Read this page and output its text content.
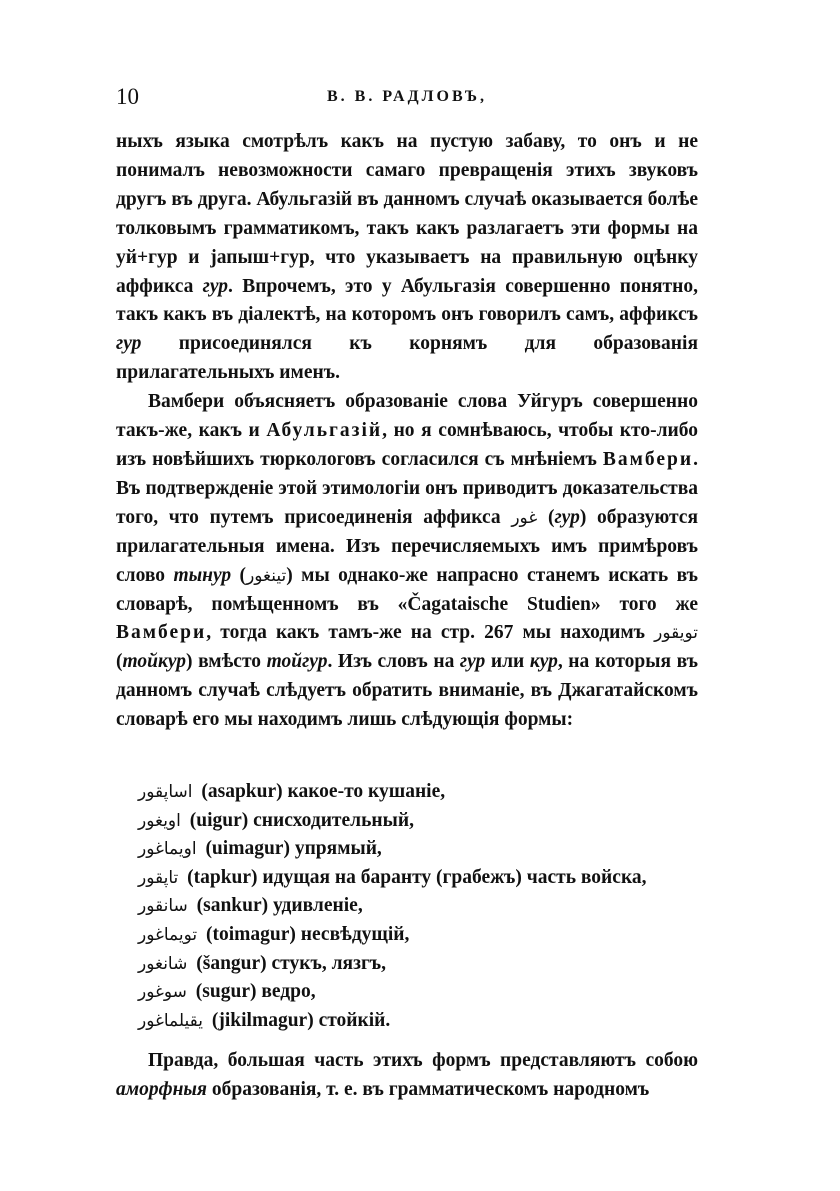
10	В. В. РАДЛОВЪ,

ныхъ языка смотрѣлъ какъ на пустую забаву, то онъ и не понималъ невозможности самаго превращенія этихъ звуковъ другъ въ друга. Абульгазій въ данномъ случаѣ оказывается болѣе толковымъ грамматикомъ, такъ какъ разлагаетъ эти формы на уй+гур и јапыш+гур, что указываетъ на правильную оцѣнку аффикса гур. Впрочемъ, это у Абульгазія совершенно понятно, такъ какъ въ діалектѣ, на которомъ онъ говорилъ самъ, аффиксъ гур присоединялся къ корнямъ для образованія прилагательныхъ именъ.

Вамбери объясняетъ образованіе слова Уйгуръ совершенно такъ-же, какъ и Абульгазій, но я сомнѣваюсь, чтобы кто-либо изъ новѣйшихъ тюркологовъ согласился съ мнѣніемъ Вамбери. Въ подтвержденіе этой этимологіи онъ приводитъ доказательства того, что путемъ присоединенія аффикса غور (гур) образуются прилагательныя имена. Изъ перечисляемыхъ имъ примѣровъ слово тынур (تينغور) мы однако-же напрасно станемъ искать въ словарѣ, помѣщенномъ въ «Čagataische Studien» того же Вамбери, тогда какъ тамъ-же на стр. 267 мы находимъ تويقور (тойкур) вмѣсто тойгур. Изъ словъ на гур или кур, на которыя въ данномъ случаѣ слѣдуетъ обратить вниманіе, въ Джагатайскомъ словарѣ его мы находимъ лишь слѣдующія формы:

اساپقور (asapkur) какое-то кушаніе,
اويغور (uigur) снисходительный,
اويماغور (uimagur) упрямый,
تاپقور (tapkur) идущая на баранту (грабежъ) часть войска,
سانقور (sankur) удивленіе,
تويماغور (toimagur) несвѣдущій,
شانغور (šangur) стукъ, лязгъ,
سوغور (sugur) ведро,
يقيلماغور (jikilmagur) стойкій.

Правда, большая часть этихъ формъ представляютъ собою аморфныя образованія, т. е. въ грамматическомъ народномъ
